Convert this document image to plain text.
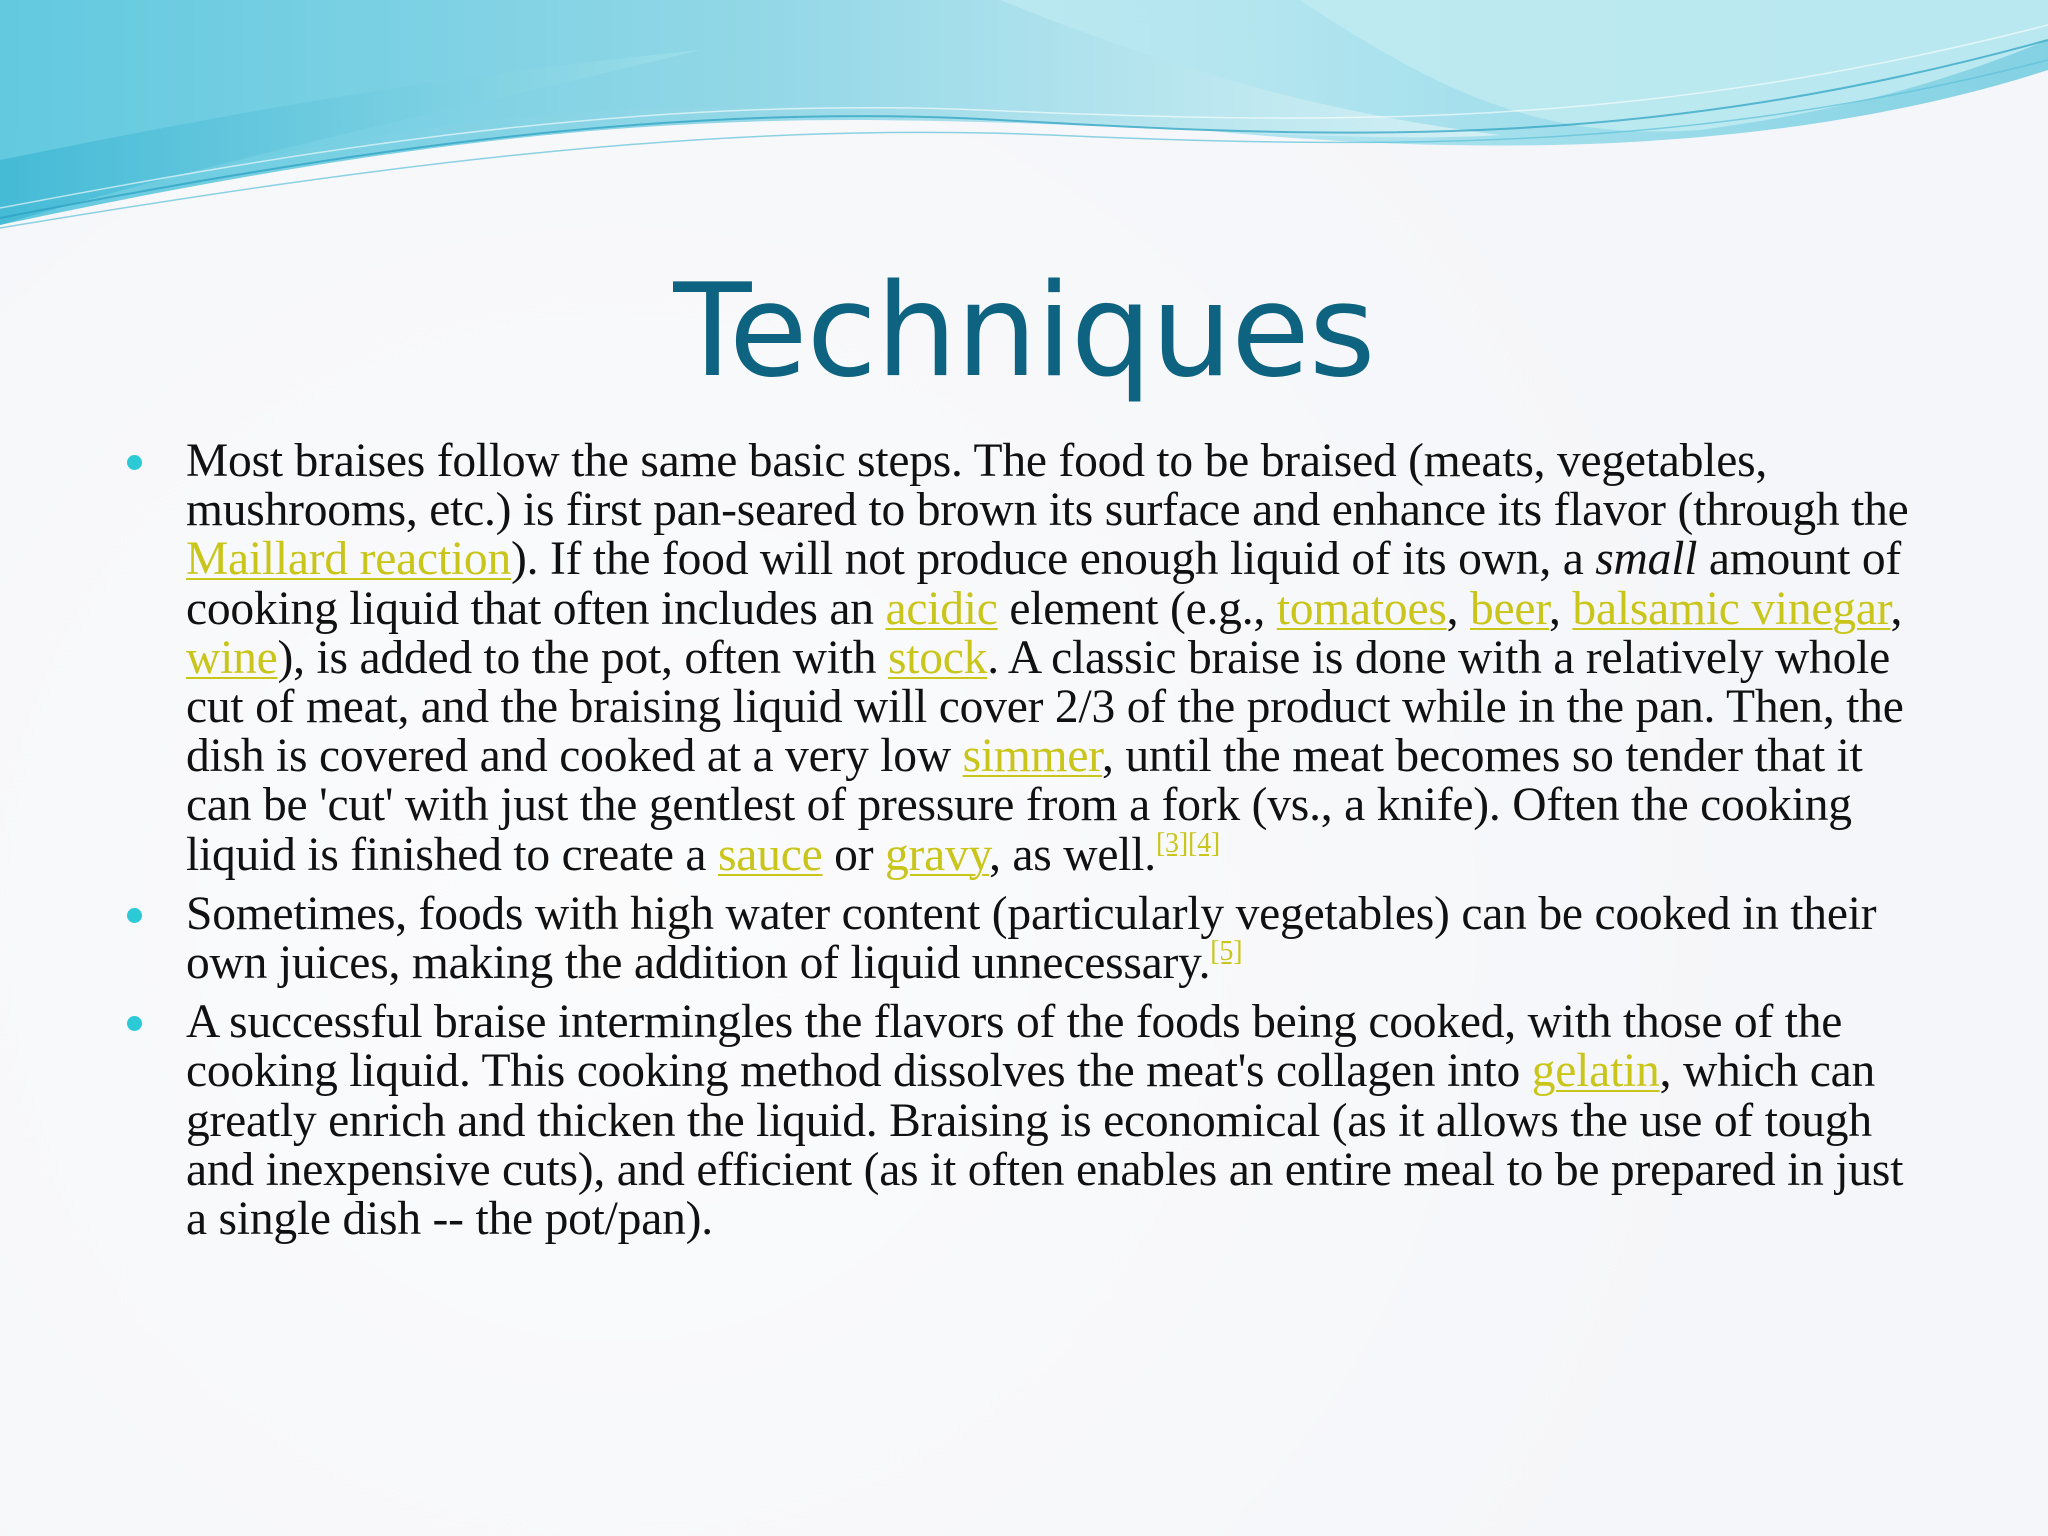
Techniques
Most braises follow the same basic steps. The food to be braised (meats, vegetables, mushrooms, etc.) is first pan-seared to brown its surface and enhance its flavor (through the Maillard reaction). If the food will not produce enough liquid of its own, a small amount of cooking liquid that often includes an acidic element (e.g., tomatoes, beer, balsamic vinegar, wine), is added to the pot, often with stock. A classic braise is done with a relatively whole cut of meat, and the braising liquid will cover 2/3 of the product while in the pan. Then, the dish is covered and cooked at a very low simmer, until the meat becomes so tender that it can be 'cut' with just the gentlest of pressure from a fork (vs., a knife). Often the cooking liquid is finished to create a sauce or gravy, as well.[3][4]
Sometimes, foods with high water content (particularly vegetables) can be cooked in their own juices, making the addition of liquid unnecessary.[5]
A successful braise intermingles the flavors of the foods being cooked, with those of the cooking liquid. This cooking method dissolves the meat's collagen into gelatin, which can greatly enrich and thicken the liquid. Braising is economical (as it allows the use of tough and inexpensive cuts), and efficient (as it often enables an entire meal to be prepared in just a single dish -- the pot/pan).
